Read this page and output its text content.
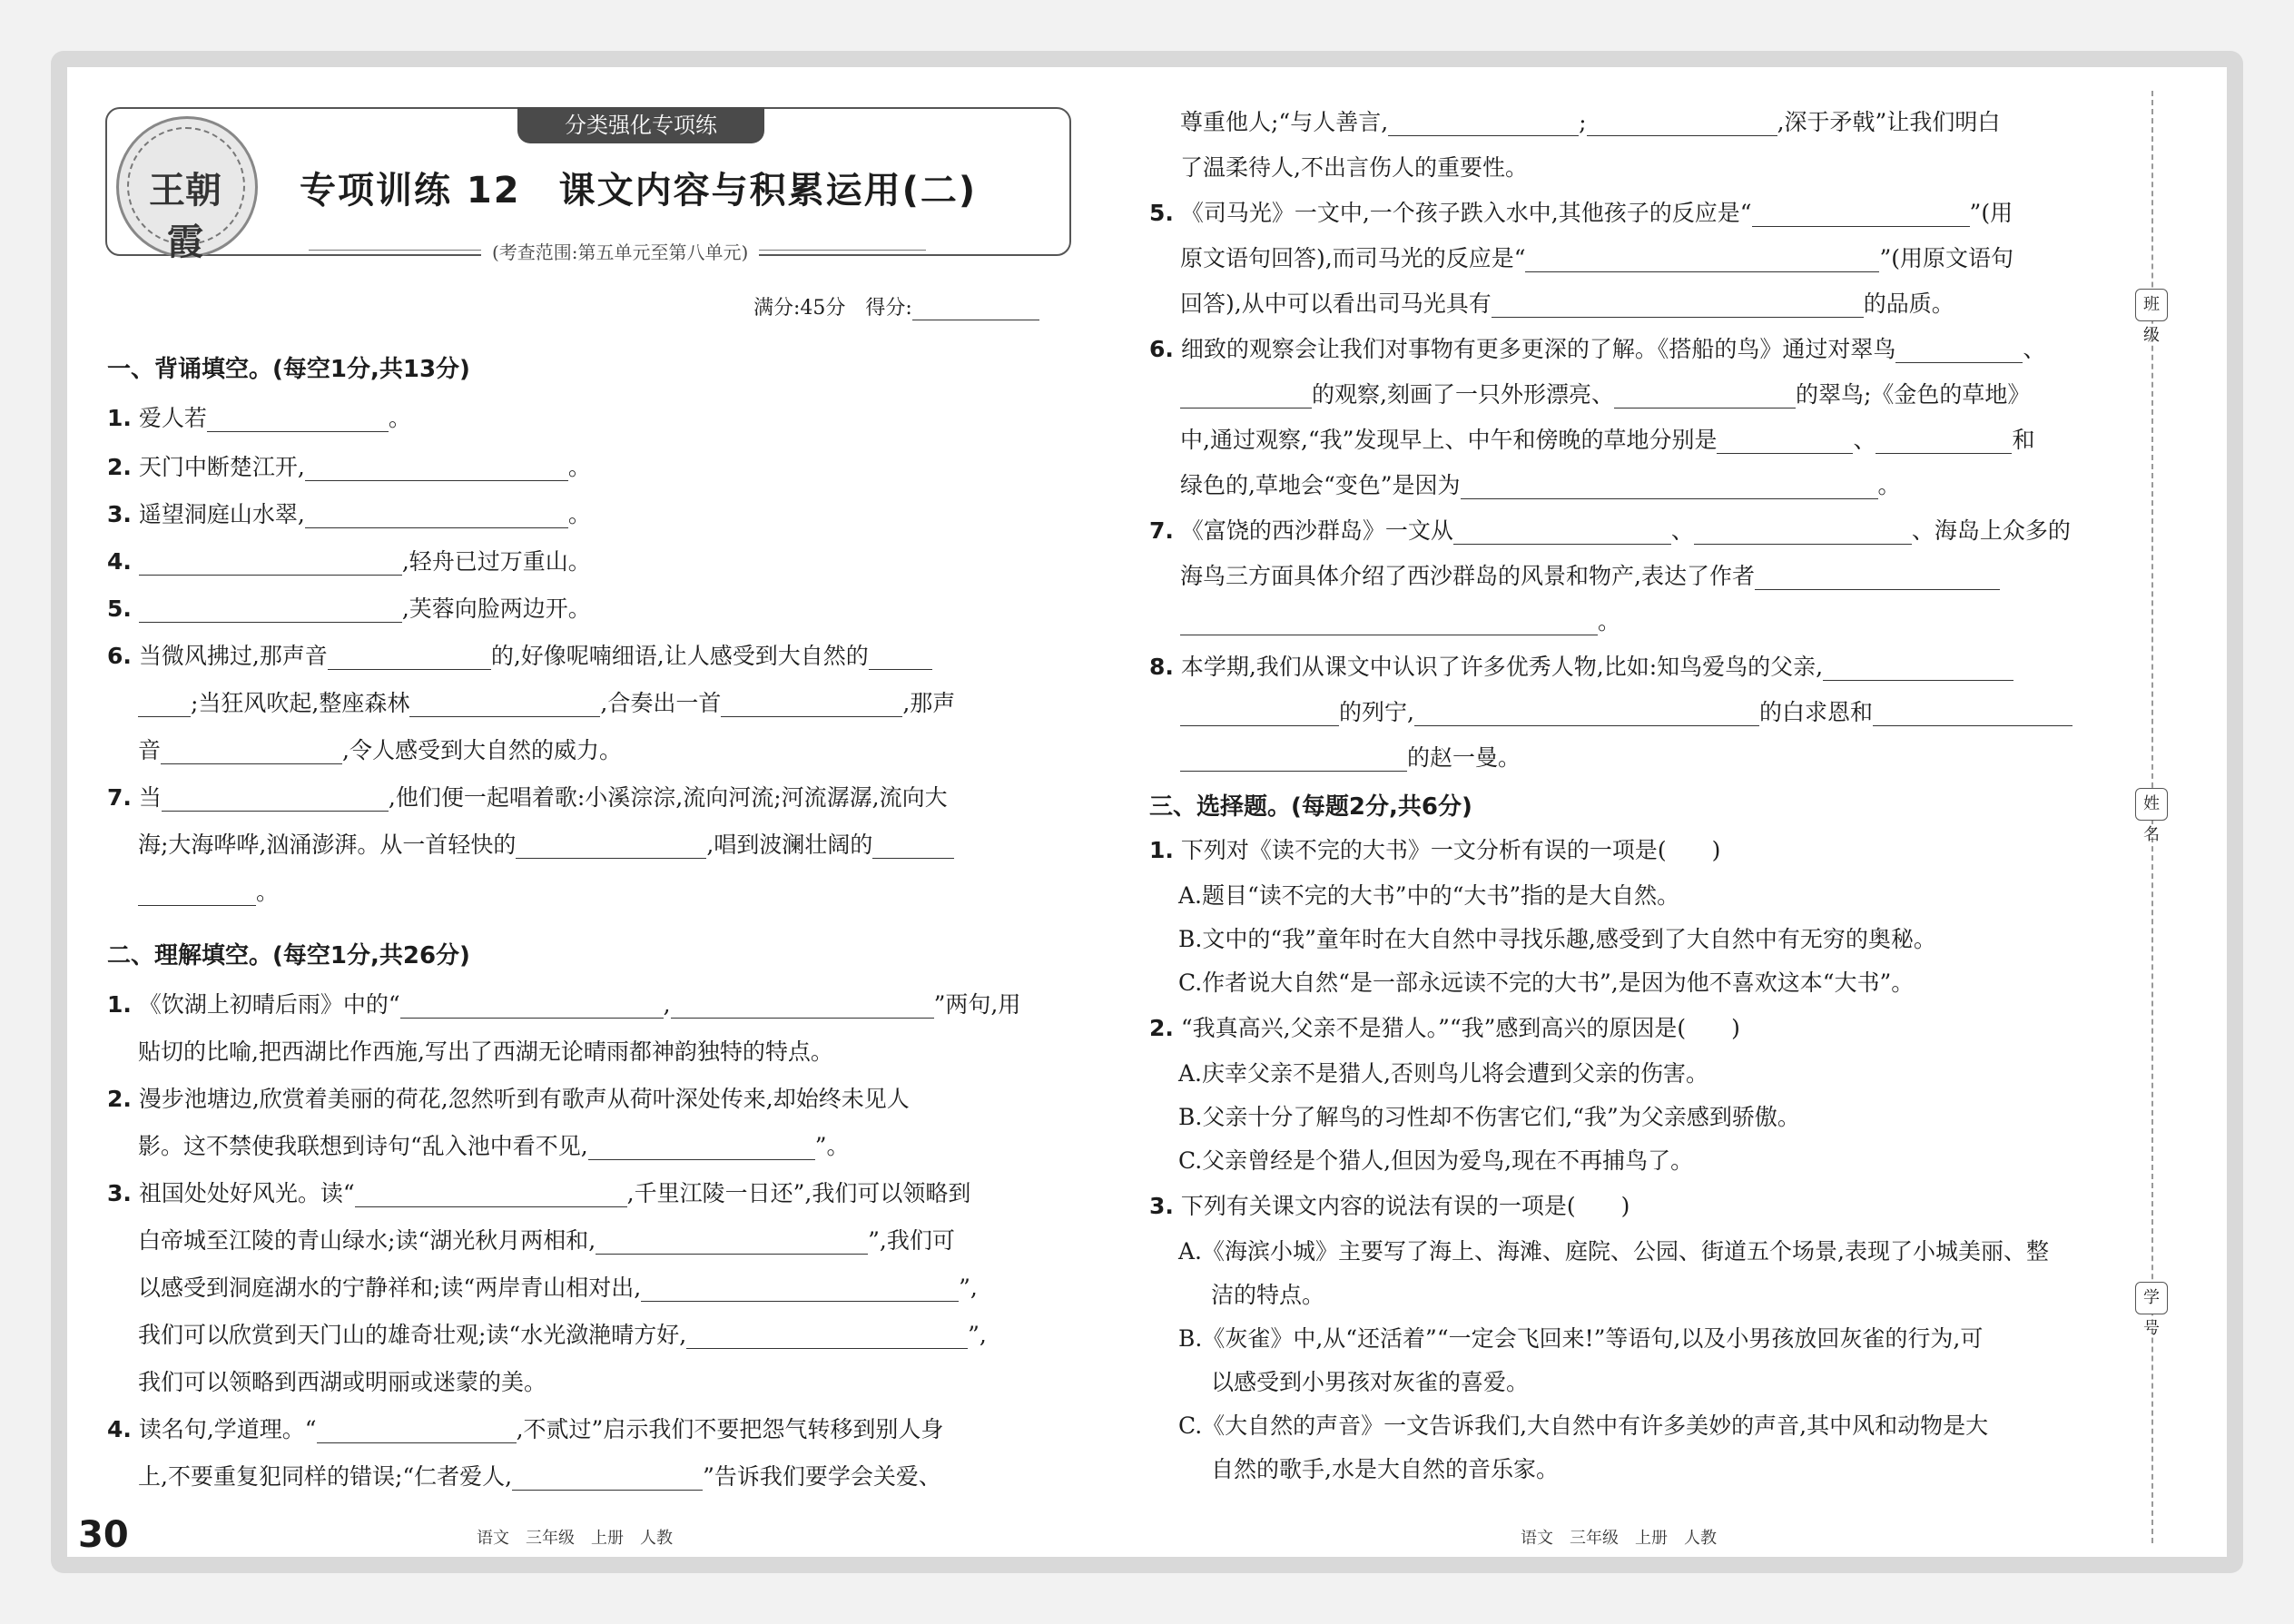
王朝霞
分类强化专项练
专项训练 12　课文内容与积累运用(二)
(考查范围:第五单元至第八单元)
满分:45分　得分:
一、背诵填空。(每空1分,共13分)
1. 爱人若	。
2. 天门中断楚江开,	。
3. 遥望洞庭山水翠,	。
4.	,轻舟已过万重山。
5.	,芙蓉向脸两边开。
6. 当微风拂过,那声音	的,好像呢喃细语,让人感受到大自然的
;当狂风吹起,整座森林	,合奏出一首	,那声
音	,令人感受到大自然的威力。
7. 当	,他们便一起唱着歌:小溪淙淙,流向河流;河流潺潺,流向大
海;大海哗哗,汹涌澎湃。从一首轻快的	,唱到波澜壮阔的
。
二、理解填空。(每空1分,共26分)
1. 《饮湖上初晴后雨》中的“	,	”两句,用
贴切的比喻,把西湖比作西施,写出了西湖无论晴雨都神韵独特的特点。
2. 漫步池塘边,欣赏着美丽的荷花,忽然听到有歌声从荷叶深处传来,却始终未见人
影。这不禁使我联想到诗句“乱入池中看不见,	”。
3. 祖国处处好风光。读“	,千里江陵一日还”,我们可以领略到
白帝城至江陵的青山绿水;读“湖光秋月两相和,	”,我们可
以感受到洞庭湖水的宁静祥和;读“两岸青山相对出,	”,
我们可以欣赏到天门山的雄奇壮观;读“水光潋滟晴方好,	”,
我们可以领略到西湖或明丽或迷蒙的美。
4. 读名句,学道理。“	,不贰过”启示我们不要把怨气转移到别人身
上,不要重复犯同样的错误;“仁者爱人,	”告诉我们要学会关爱、
尊重他人;“与人善言,	;	,深于矛戟”让我们明白
了温柔待人,不出言伤人的重要性。
5. 《司马光》一文中,一个孩子跌入水中,其他孩子的反应是“	”(用
原文语句回答),而司马光的反应是“	”(用原文语句
回答),从中可以看出司马光具有	的品质。
6. 细致的观察会让我们对事物有更多更深的了解。《搭船的鸟》通过对翠鸟	、
的观察,刻画了一只外形漂亮、	的翠鸟;《金色的草地》
中,通过观察,“我”发现早上、中午和傍晚的草地分别是	、	和
绿色的,草地会“变色”是因为	。
7. 《富饶的西沙群岛》一文从	、	、海岛上众多的
海鸟三方面具体介绍了西沙群岛的风景和物产,表达了作者
。
8. 本学期,我们从课文中认识了许多优秀人物,比如:知鸟爱鸟的父亲,
的列宁,	的白求恩和
的赵一曼。
三、选择题。(每题2分,共6分)
1. 下列对《读不完的大书》一文分析有误的一项是(　　)
A.题目“读不完的大书”中的“大书”指的是大自然。
B.文中的“我”童年时在大自然中寻找乐趣,感受到了大自然中有无穷的奥秘。
C.作者说大自然“是一部永远读不完的大书”,是因为他不喜欢这本“大书”。
2. “我真高兴,父亲不是猎人。”“我”感到高兴的原因是(　　)
A.庆幸父亲不是猎人,否则鸟儿将会遭到父亲的伤害。
B.父亲十分了解鸟的习性却不伤害它们,“我”为父亲感到骄傲。
C.父亲曾经是个猎人,但因为爱鸟,现在不再捕鸟了。
3. 下列有关课文内容的说法有误的一项是(　　)
A.《海滨小城》主要写了海上、海滩、庭院、公园、街道五个场景,表现了小城美丽、整
洁的特点。
B.《灰雀》中,从“还活着”“一定会飞回来!”等语句,以及小男孩放回灰雀的行为,可
以感受到小男孩对灰雀的喜爱。
C.《大自然的声音》一文告诉我们,大自然中有许多美妙的声音,其中风和动物是大
自然的歌手,水是大自然的音乐家。
班级
姓名
学号
30	语文　三年级　上册　人教	语文　三年级　上册　人教
